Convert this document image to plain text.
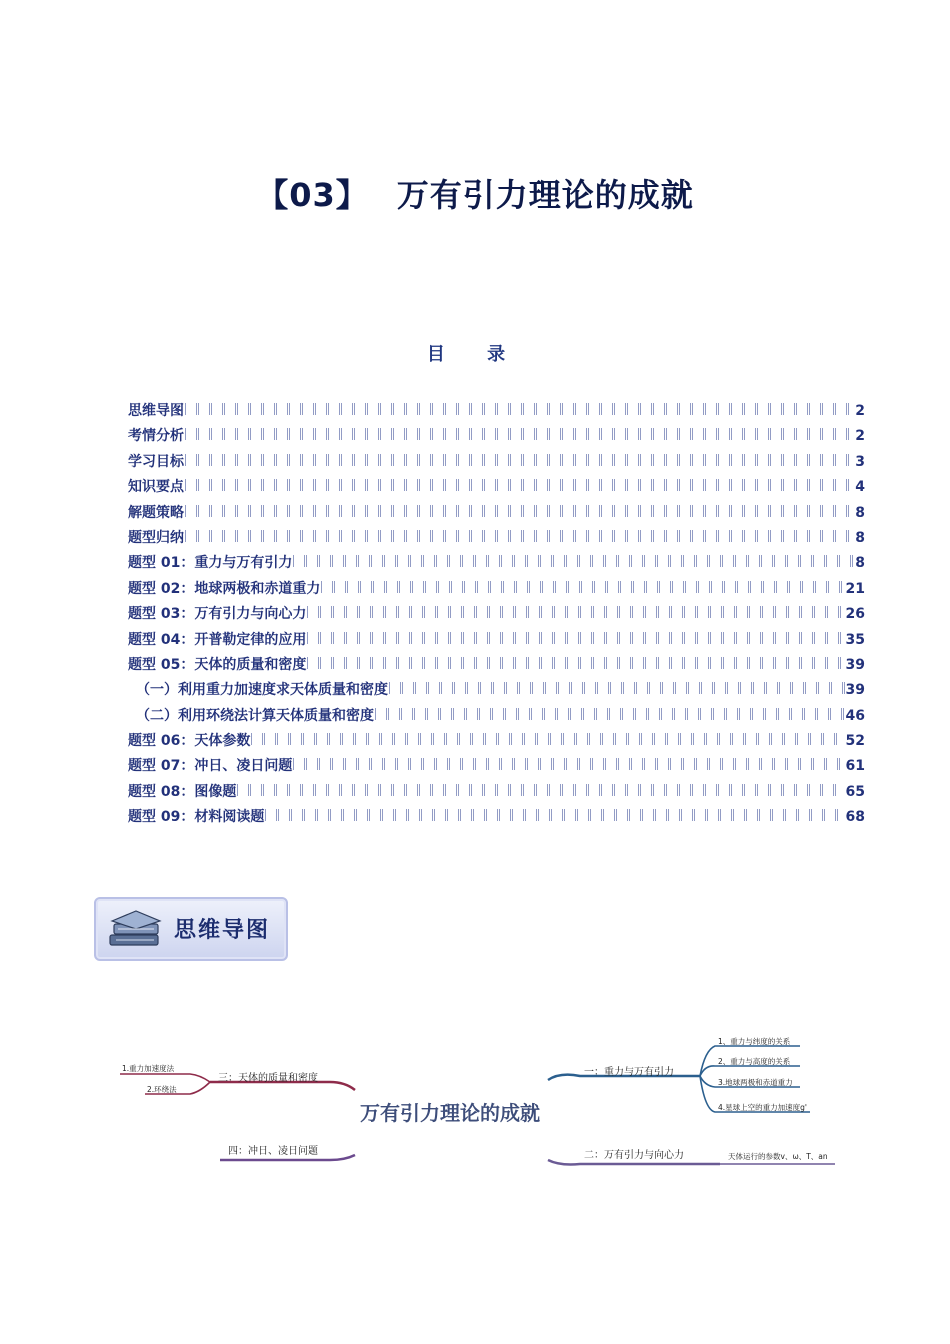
【03】 万有引力理论的成就
目 录
思维导图	2
考情分析	2
学习目标	3
知识要点	4
解题策略	8
题型归纳	8
题型 01：重力与万有引力	8
题型 02：地球两极和赤道重力	21
题型 03：万有引力与向心力	26
题型 04：开普勒定律的应用	35
题型 05：天体的质量和密度	39
（一）利用重力加速度求天体质量和密度	39
（二）利用环绕法计算天体质量和密度	46
题型 06：天体参数	52
题型 07：冲日、凌日问题	61
题型 08：图像题	65
题型 09：材料阅读题	68
思维导图
万有引力理论的成就
一：重力与万有引力
1、重力与纬度的关系
2、重力与高度的关系
3.地球两极和赤道重力
4.星球上空的重力加速度g'
二：万有引力与向心力	天体运行的参数v、ω、T、an
三：天体的质量和密度
1.重力加速度法
2.环绕法
四：冲日、凌日问题
